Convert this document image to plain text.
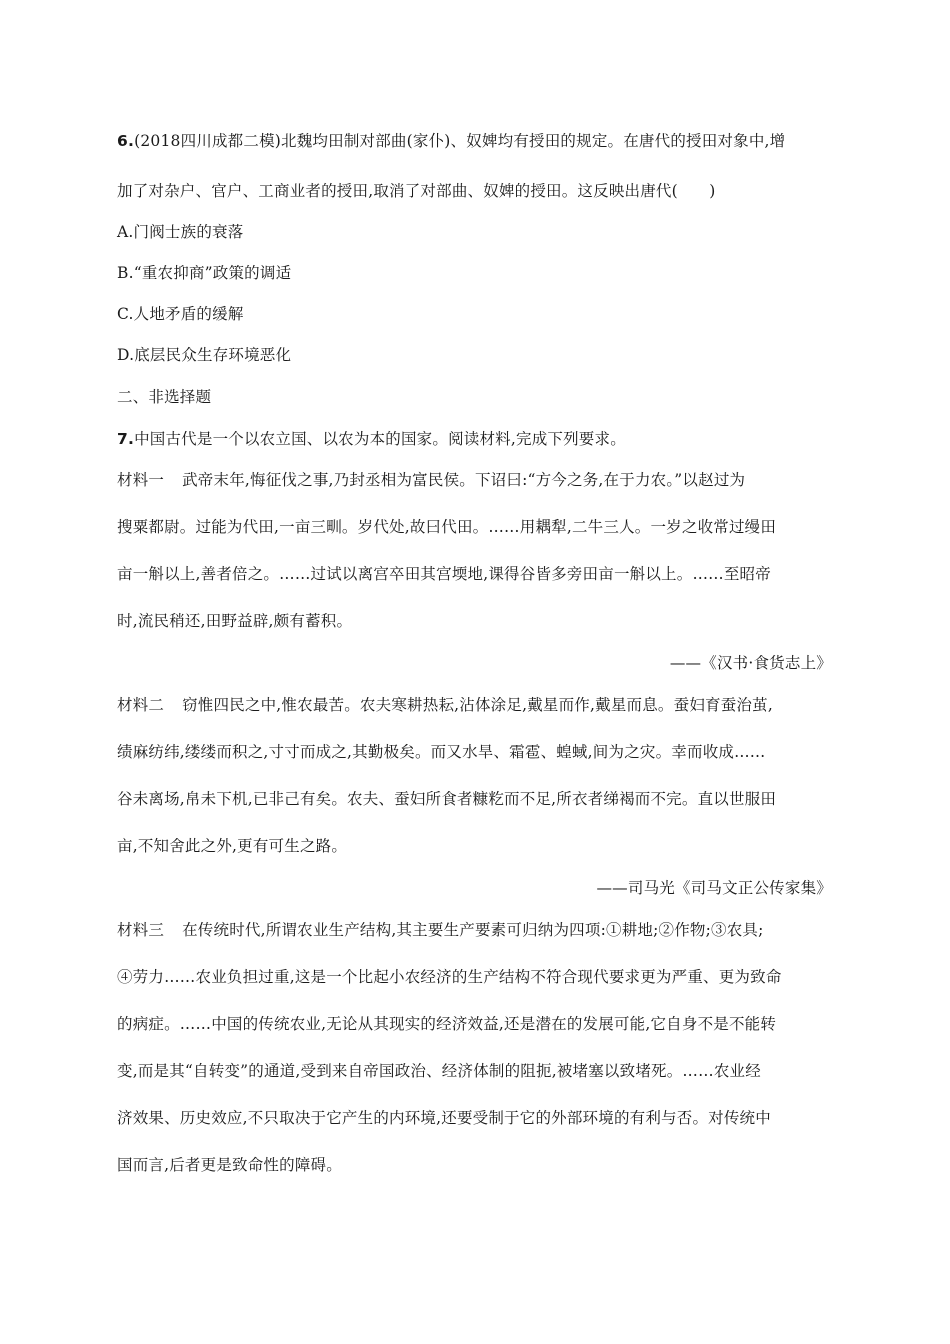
6.(2018四川成都二模)北魏均田制对部曲(家仆)、奴婢均有授田的规定。在唐代的授田对象中,增
加了对杂户、官户、工商业者的授田,取消了对部曲、奴婢的授田。这反映出唐代(　　)
A.门阀士族的衰落
B.“重农抑商”政策的调适
C.人地矛盾的缓解
D.底层民众生存环境恶化
二、非选择题
7.中国古代是一个以农立国、以农为本的国家。阅读材料,完成下列要求。
材料一 武帝末年,悔征伐之事,乃封丞相为富民侯。下诏曰:“方今之务,在于力农。”以赵过为
搜粟都尉。过能为代田,一亩三甽。岁代处,故曰代田。……用耦犁,二牛三人。一岁之收常过缦田
亩一斛以上,善者倍之。……过试以离宫卒田其宫堧地,课得谷皆多旁田亩一斛以上。……至昭帝
时,流民稍还,田野益辟,颇有蓄积。
——《汉书·食货志上》
材料二 窃惟四民之中,惟农最苦。农夫寒耕热耘,沾体涂足,戴星而作,戴星而息。蚕妇育蚕治茧,
绩麻纺纬,缕缕而积之,寸寸而成之,其勤极矣。而又水旱、霜雹、蝗蜮,间为之灾。幸而收成……
谷未离场,帛未下机,已非己有矣。农夫、蚕妇所食者糠籺而不足,所衣者绨褐而不完。直以世服田
亩,不知舍此之外,更有可生之路。
——司马光《司马文正公传家集》
材料三 在传统时代,所谓农业生产结构,其主要生产要素可归纳为四项:①耕地;②作物;③农具;
④劳力……农业负担过重,这是一个比起小农经济的生产结构不符合现代要求更为严重、更为致命
的病症。……中国的传统农业,无论从其现实的经济效益,还是潜在的发展可能,它自身不是不能转
变,而是其“自转变”的通道,受到来自帝国政治、经济体制的阻扼,被堵塞以致堵死。……农业经
济效果、历史效应,不只取决于它产生的内环境,还要受制于它的外部环境的有利与否。对传统中
国而言,后者更是致命性的障碍。
